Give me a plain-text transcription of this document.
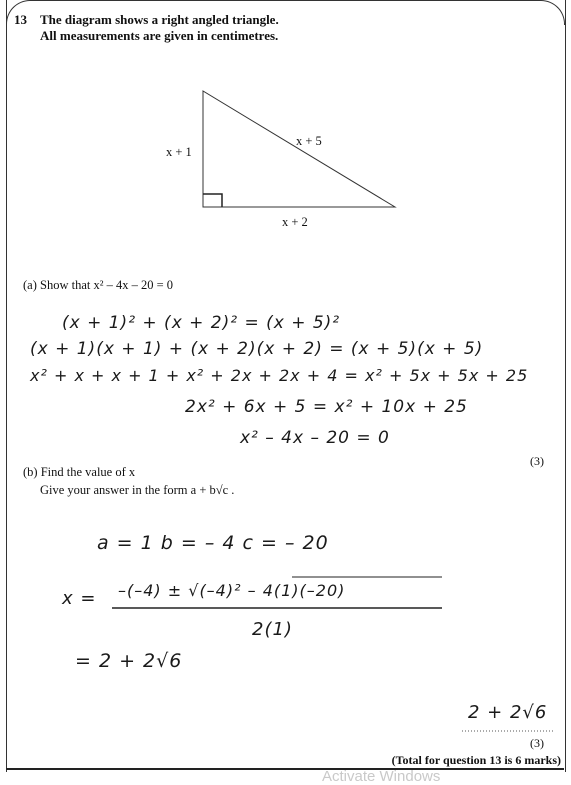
13 The diagram shows a right angled triangle.
All measurements are given in centimetres.
x + 1
x + 5
x + 2
(a) Show that x² – 4x – 20 = 0
(x + 1)² + (x + 2)² = (x + 5)²
(x + 1)(x + 1) + (x + 2)(x + 2) = (x + 5)(x + 5)
x² + x + x + 1 + x² + 2x + 2x + 4 = x² + 5x + 5x + 25
2x² + 6x + 5 = x² + 10x + 25
x² – 4x – 20 = 0
(3)
(b) Find the value of x
Give your answer in the form a + b√c .
a = 1 b = – 4 c = – 20
x = –(–4) ± √(–4)² – 4(1)(–20)
2(1)
= 2 + 2√6
2 + 2√6
(3)
(Total for question 13 is 6 marks)
Activate Windows
